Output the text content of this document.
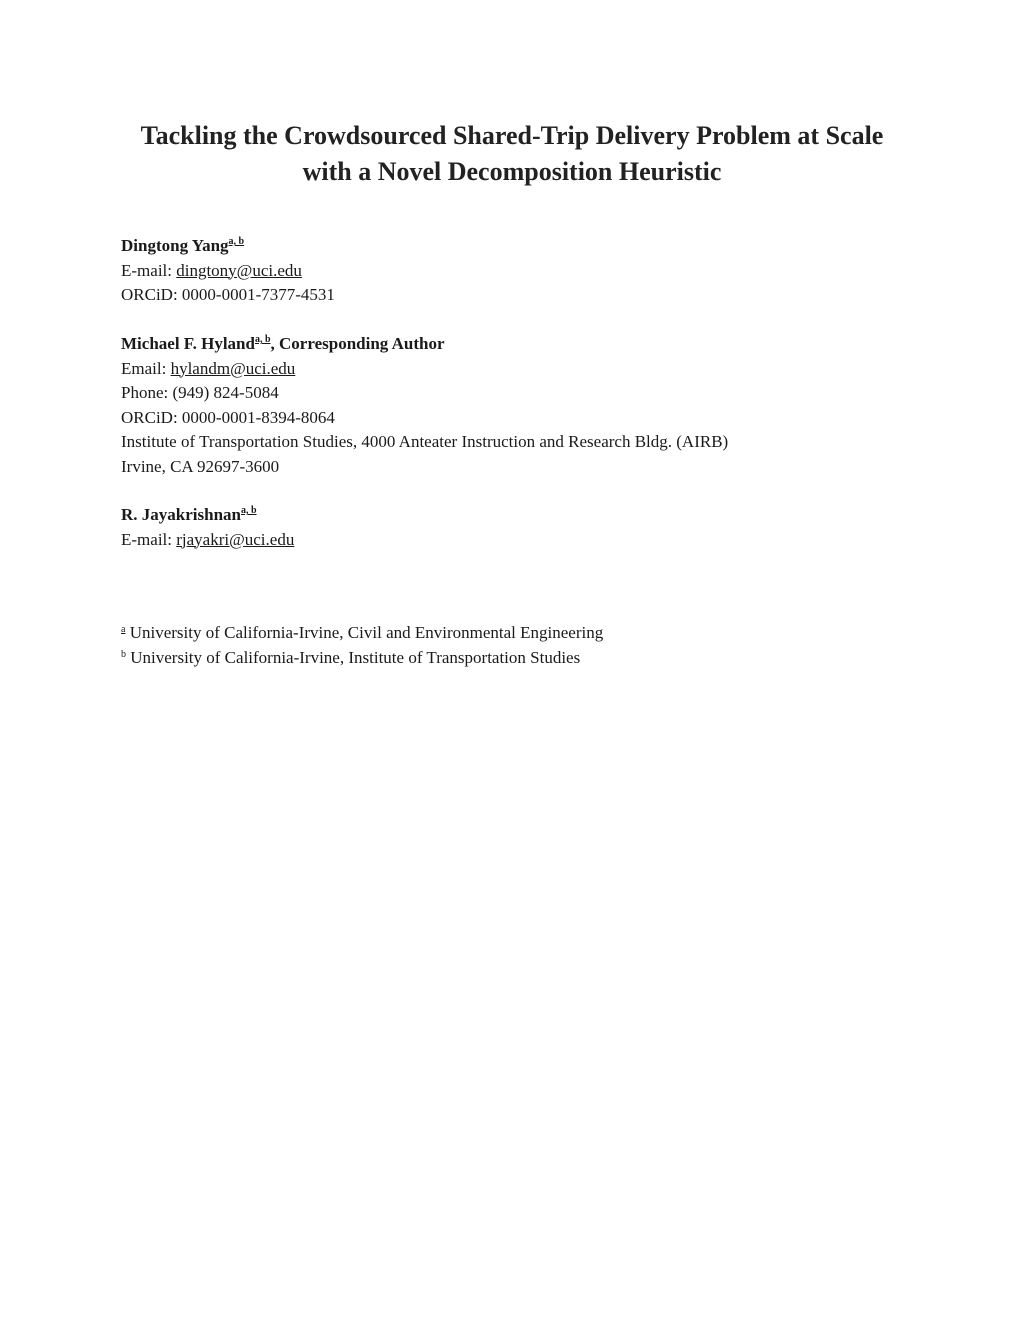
Tackling the Crowdsourced Shared-Trip Delivery Problem at Scale
with a Novel Decomposition Heuristic
Dingtong Yang$^{a, b}$
E-mail: dingtony@uci.edu
ORCiD: 0000-0001-7377-4531
Michael F. Hyland$^{a, b}$, Corresponding Author
Email: hylandm@uci.edu
Phone: (949) 824-5084
ORCiD: 0000-0001-8394-8064
Institute of Transportation Studies, 4000 Anteater Instruction and Research Bldg. (AIRB)
Irvine, CA 92697-3600
R. Jayakrishnan$^{a, b}$
E-mail: rjayakri@uci.edu
$^a$ University of California-Irvine, Civil and Environmental Engineering
$^b$ University of California-Irvine, Institute of Transportation Studies
